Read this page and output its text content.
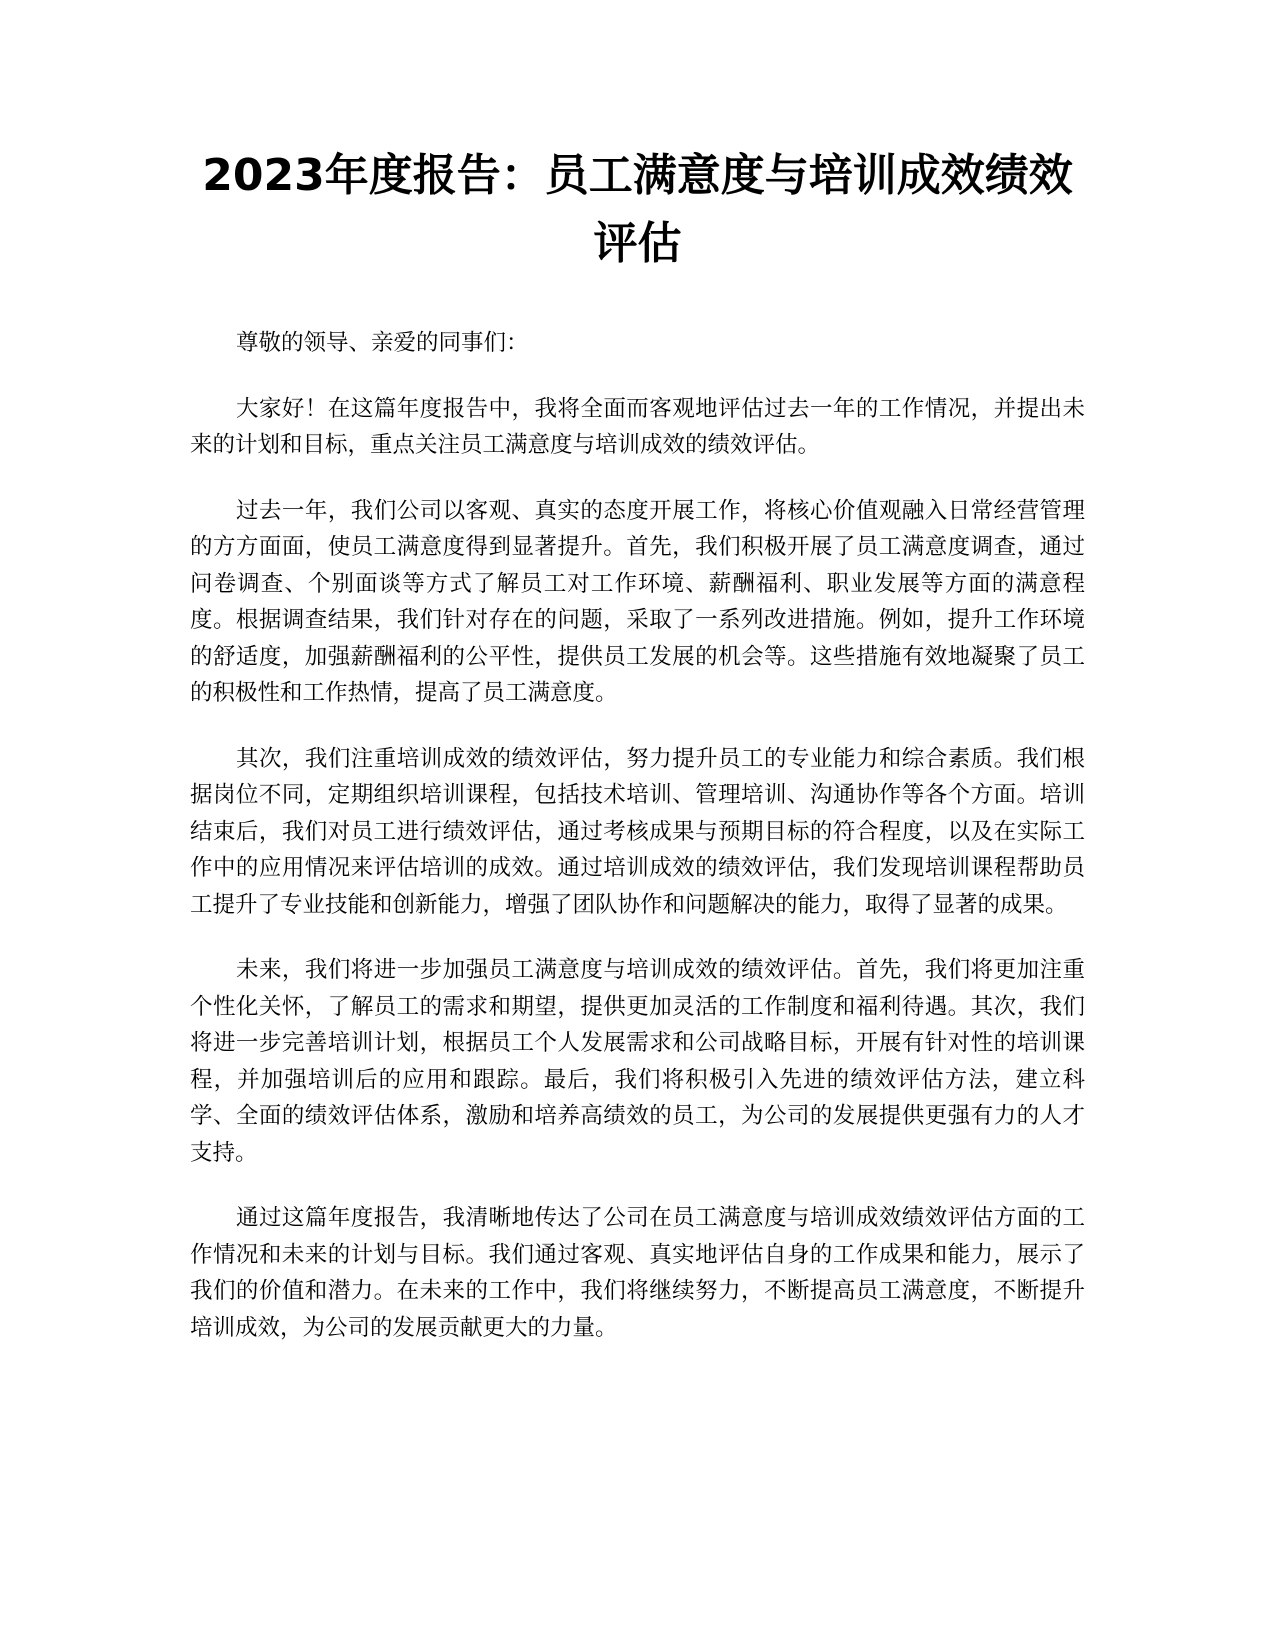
2023年度报告：员工满意度与培训成效绩效
评估

尊敬的领导、亲爱的同事们：

大家好！在这篇年度报告中，我将全面而客观地评估过去一年的工作情况，并提出未来的计划和目标，重点关注员工满意度与培训成效的绩效评估。

过去一年，我们公司以客观、真实的态度开展工作，将核心价值观融入日常经营管理的方方面面，使员工满意度得到显著提升。首先，我们积极开展了员工满意度调查，通过问卷调查、个别面谈等方式了解员工对工作环境、薪酬福利、职业发展等方面的满意程度。根据调查结果，我们针对存在的问题，采取了一系列改进措施。例如，提升工作环境的舒适度，加强薪酬福利的公平性，提供员工发展的机会等。这些措施有效地凝聚了员工的积极性和工作热情，提高了员工满意度。

其次，我们注重培训成效的绩效评估，努力提升员工的专业能力和综合素质。我们根据岗位不同，定期组织培训课程，包括技术培训、管理培训、沟通协作等各个方面。培训结束后，我们对员工进行绩效评估，通过考核成果与预期目标的符合程度，以及在实际工作中的应用情况来评估培训的成效。通过培训成效的绩效评估，我们发现培训课程帮助员工提升了专业技能和创新能力，增强了团队协作和问题解决的能力，取得了显著的成果。

未来，我们将进一步加强员工满意度与培训成效的绩效评估。首先，我们将更加注重个性化关怀，了解员工的需求和期望，提供更加灵活的工作制度和福利待遇。其次，我们将进一步完善培训计划，根据员工个人发展需求和公司战略目标，开展有针对性的培训课程，并加强培训后的应用和跟踪。最后，我们将积极引入先进的绩效评估方法，建立科学、全面的绩效评估体系，激励和培养高绩效的员工，为公司的发展提供更强有力的人才支持。

通过这篇年度报告，我清晰地传达了公司在员工满意度与培训成效绩效评估方面的工作情况和未来的计划与目标。我们通过客观、真实地评估自身的工作成果和能力，展示了我们的价值和潜力。在未来的工作中，我们将继续努力，不断提高员工满意度，不断提升培训成效，为公司的发展贡献更大的力量。
